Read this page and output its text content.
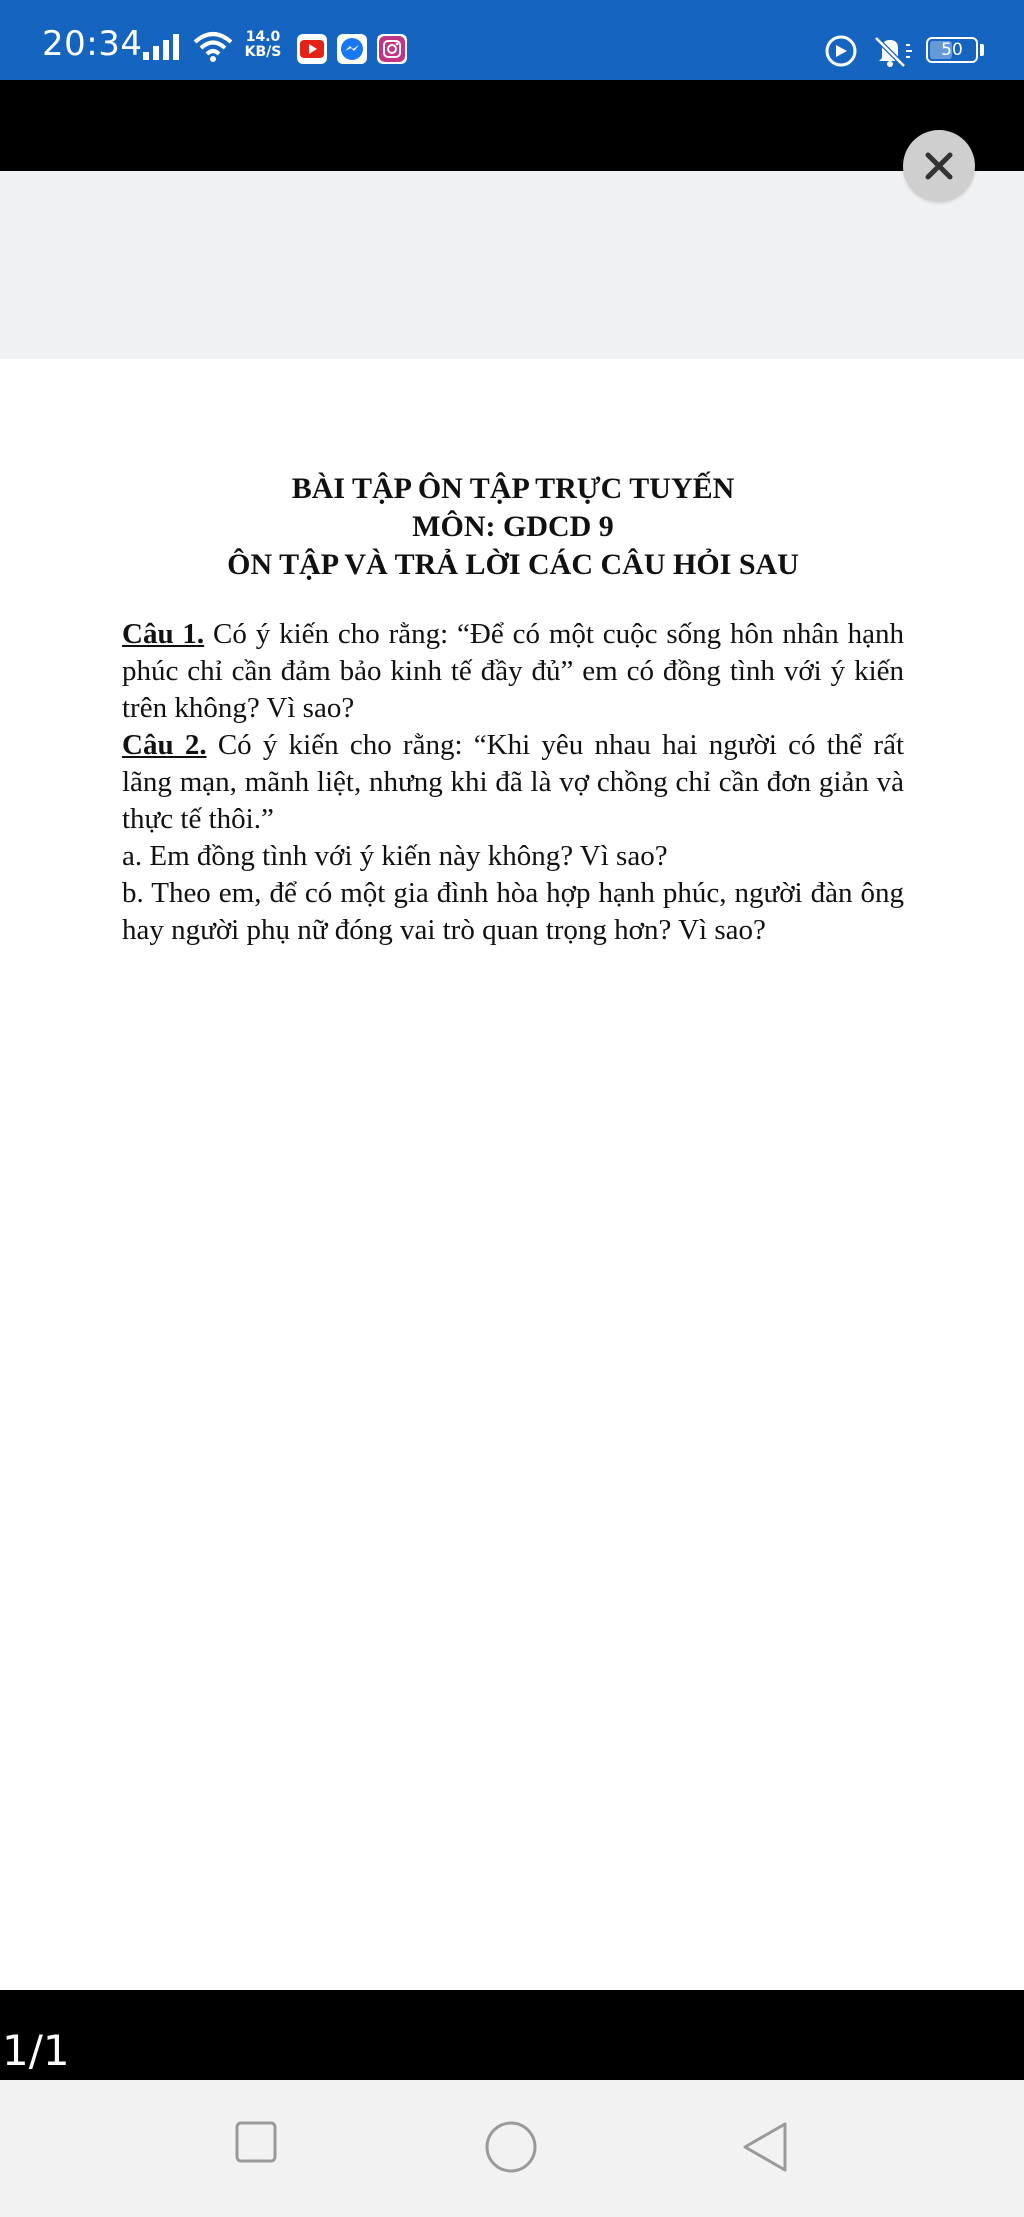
20:34	14.0
KB/S	50

BÀI TẬP ÔN TẬP TRỰC TUYẾN
MÔN: GDCD 9
ÔN TẬP VÀ TRẢ LỜI CÁC CÂU HỎI SAU

Câu 1. Có ý kiến cho rằng: “Để có một cuộc sống hôn nhân hạnh phúc chỉ cần đảm bảo kinh tế đầy đủ” em có đồng tình với ý kiến trên không? Vì sao?

Câu 2. Có ý kiến cho rằng: “Khi yêu nhau hai người có thể rất lãng mạn, mãnh liệt, nhưng khi đã là vợ chồng chỉ cần đơn giản và thực tế thôi.”

a. Em đồng tình với ý kiến này không? Vì sao?

b. Theo em, để có một gia đình hòa hợp hạnh phúc, người đàn ông hay người phụ nữ đóng vai trò quan trọng hơn? Vì sao?

1/1
